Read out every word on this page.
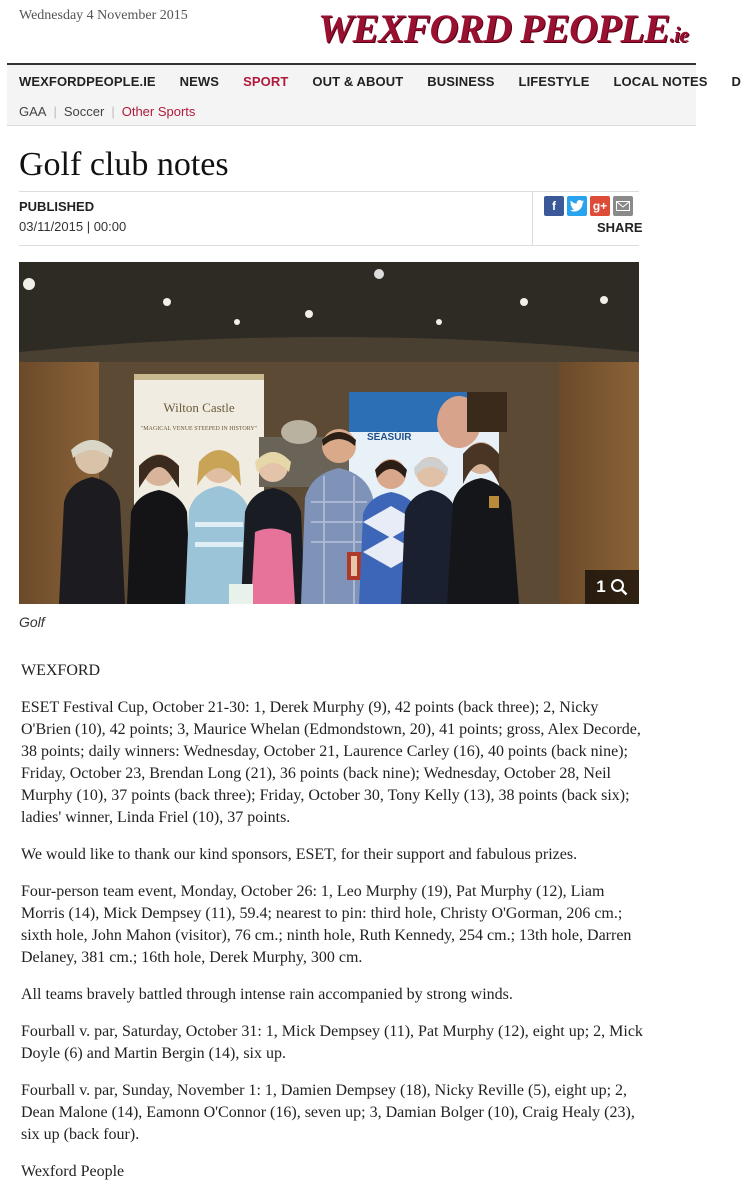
Wednesday 4 November 2015	WEXFORD PEOPLE.ie
WEXFORDPEOPLE.IE	NEWS	SPORT	OUT & ABOUT	BUSINESS	LIFESTYLE	LOCAL NOTES	D
GAA | Soccer | Other Sports
Golf club notes
PUBLISHED
03/11/2015 | 00:00
f	g+
SHARE
Wilton Castle
"MAGICAL VENUE STEEPED IN HISTORY"
SÉASÚIR
1
Golf

WEXFORD

ESET Festival Cup, October 21-30: 1, Derek Murphy (9), 42 points (back three); 2, Nicky O'Brien (10), 42 points; 3, Maurice Whelan (Edmondstown, 20), 41 points; gross, Alex Decorde, 38 points; daily winners: Wednesday, October 21, Laurence Carley (16), 40 points (back nine); Friday, October 23, Brendan Long (21), 36 points (back nine); Wednesday, October 28, Neil Murphy (10), 37 points (back three); Friday, October 30, Tony Kelly (13), 38 points (back six); ladies' winner, Linda Friel (10), 37 points.

We would like to thank our kind sponsors, ESET, for their support and fabulous prizes.

Four-person team event, Monday, October 26: 1, Leo Murphy (19), Pat Murphy (12), Liam Morris (14), Mick Dempsey (11), 59.4; nearest to pin: third hole, Christy O'Gorman, 206 cm.; sixth hole, John Mahon (visitor), 76 cm.; ninth hole, Ruth Kennedy, 254 cm.; 13th hole, Darren Delaney, 381 cm.; 16th hole, Derek Murphy, 300 cm.

All teams bravely battled through intense rain accompanied by strong winds.

Fourball v. par, Saturday, October 31: 1, Mick Dempsey (11), Pat Murphy (12), eight up; 2, Mick Doyle (6) and Martin Bergin (14), six up.

Fourball v. par, Sunday, November 1: 1, Damien Dempsey (18), Nicky Reville (5), eight up; 2, Dean Malone (14), Eamonn O'Connor (16), seven up; 3, Damian Bolger (10), Craig Healy (23), six up (back four).

Wexford People
